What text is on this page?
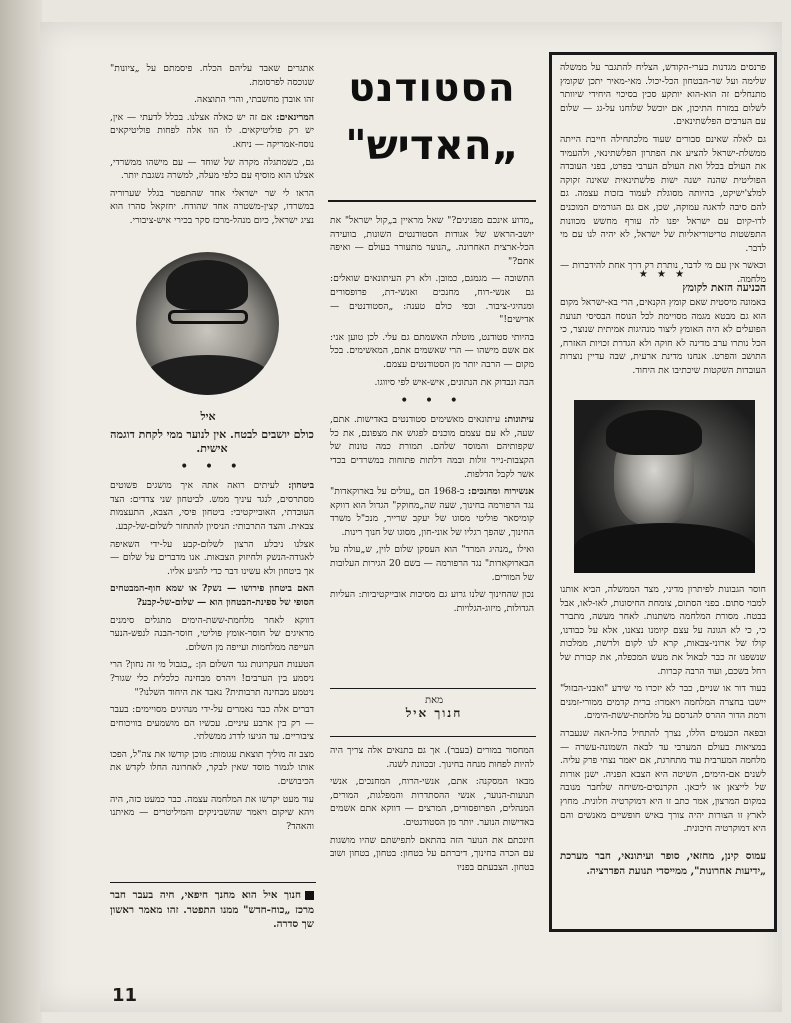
פרנסים מגדנות בערי-הקודש, הצליח להתגבר על ממשלה שלימה ועל שר-הבטחון הכל-יכול. מאי-מאיר יתכן שקומץ מתנחלים זה הוא-הוא יותקע סכין בסיכוי היחידי שיוותר לשלום במזרח התיכון, אם יוכשל שלוחנו על-גג — שלום עם הערבים הפלשתינאים.

גם לאלה שאינם סבורים שעוד מלכתחילה חייבת הייתה ממשלת-ישראל להציע את הפתרון הפלשתינאי, ולהעמיד את העולם בכלל ואת העולם הערבי בפרט, בפני העובדה הפוליטית שהנה ישנה ישות פלשתינאית שאינה זקוקה למלצ'ישיקט, בהיותה מסוגלת לעמוד בזכות עצמה. גם להם סיבה לדאגה עמוקה, שכן, אם גם הגורמים המוכנים לדו-קיום עם ישראל יפנו לה עורף מחשש מכוונות התפשטות טריטוריאליות של ישראל, לא יהיה לנו עם מי לדבר.

וכאשר אין עם מי לדבר, נותרת רק דרך אחת להידברות — מלחמה.

★ ★ ★
הכניעה הזאת לקומץ

באמונה מיסטית שאם קומץ הקנאים, הרי בא-ישראל מקום הוא גם מבטא מגמה מסויימת לכל הנוסח הבסיסי תנועת הפועלים לא היה האומץ ליצור מנהיגות אמיתית שנוצר, כי הכל נותרו ערב מדינה לא חוקה ולא הגדרת זכויות האזרח, התושב והפרט. אנחנו מדינת ארעית, שבה עדיין נוצרות העובדות השקטות שיכתיבו את היחוד.

חוסר הגבונות לפיתרון מדיני, מצד הממשלה, הביא אותנו למבוי סתום. בפני הסתום, צומחת החיסונות, לאו-לאו, אבל בבטח. מסורת המלחמה משתנות. לאחר מעשה, מתברר כי, כי לא הגונה על עצם קיומנו נצאנו, אלא על כבודנו, קולו של ארוני-צבאות, קרא לנו לקום ולרשת, ממלכות שנשפגו זה כבר לבאול את מעש המכפלה, את קבורת של רחל בשכם, ועוד הרבה קברות.

בעוד דור או שניים, כבר לא יזכרו מי שידע "ואבני-הבזול" יישבו בחצרה המלחמה ויאמרו: ברית קדמים ממורי-זמנים ורמת הדור ההרס להנרסם על מלחמת-ששת-הימים.

ובפאה הכעמים הללו, נצרך להתחיל בחל-האה שנעברה במציאות בעולם המערבי עד לבאה השמונה-עשרה — מלחמה המערבית עוד מתחרגת, אם יאמר נצחי פרק עליה. לשנים אם-הימים, השיטה היא הצבא הפניה. ישנן אורות של לייצאן או ליכאן. הקרנסים-משיחה שלחבר מנובה במקום המרצון, אמר כתב זו היא דמוקרטיה חלונית. מחוץ לארץ זו הצורות יהיה צורך באיש חופשיים מאנשים והם היא דמוקרטיה חיכונית.

עמוס קינן, מחזאי, סופר ועיתונאי, חבר מערכת „ידיעות אחרונות", ממייסדי תנועת הפדרציה.

הסטודנט
„האדיש"

„מדוע אינכם מפגינים?" שאל מראיין ב„קול ישראל" את יושב-הראש של אגודות הסטודנטים השונות, בוועידה הכל-ארצית האחרונה. „הנוער מתעורר בעולם — ואיפה אתם?"

התשובה — מגמגם, כמובן. ולא רק העיתונאים שואלים: גם אנשי-רוח, מחנכים ואנשי-דת, פרופסורים ומנהיגי-ציבור. ובפי כולם טענה: „הסטודנטים — אדישים!"

בהיותי סטודנט, מוטלת האשמתם גם עלי. לכן טוען אני: אם אשם מישהו — הרי שאשמים אתם, המאשימים. בכל מקום — הרבה יותר מן הסטודנטים עצמם.

הבה ונבדוק את הנתונים, איש-איש לפי סיווגו.

• • •

עיתונות: עיתונאים מאשימים סטודנטים באדישות. אתם, שעה, לא עם עצמם מוכנים לפגוש את מצפונם, את כל שקפותיהם והמוסד שלהם. תמורת כמה טונות של הקצבות-נייר זולות ובמה דלתות פתוחות במשרדים בכדי אשר לקבל הדלפות.

אנשירוח ומחנכים: ב-1968 הם „עולים על בארוקאדות" נגד הרפורמה בחינוך, שעה שה„מחוקק" הגדול הוא דווקא קומיסאר פוליטי מסוגו של יעקב שרייר, מנכ"ל משרד החינוך, שהפך רגליו של אוני-חון, מסוגו של חנוך רינות.

ואילו „מנהיג המרד" הוא העסקן שלום לוין, ש„עולה על הבארוקאדות" נגד הרפורמה — בשם 20 הגירות העלובות של המורים.

נכון שהחינוך שלנו גרוע גם מסיבות אובייקטיביות: העליות הגדולות, מיזוג-הגלויות.

מאת
חנוך איל

המחסור במורים (בעבר). אך גם בתנאים אלה צריך היה להיות לפחות מנחה בחינוך. ובכוונת לשנה.

מבאו המסקנה: אתם, אנשי-הרוח, המחנכים, אנשי תנועות-הנוער, אנשי ההסתדרות והמפלגות, המורים, המנהלים, הפרופסורים, המרצים — דווקא אתם אשמים באדישות הנוער. יותר מן הסטודנטים.

חינכתם את הנוער הזה בהתאם לתפישתם שהיו מושגות עם הכרה בחינוך, דיברתם על בטחון: בטחון, בטחון ושוב בטחון. הצבעתם בפניו

אתגרים שאבד עליהם הכלח. פיסמתם על „ציונות" שנוכסה לפרסומת.

זהו אובדן מחשבתי, והרי התוצאה.

המרינאים: אם זה יש כאלה אצלנו. בכלל לדעתי — אין, יש רק פוליטיקאים. לו הוו אלה לפחות פוליטיקאים נוסח-אמריקה — ניחא.

גם, כשמתגלה מקרה של שוחד — עם מישהו ממשרדי, אצלנו הוא מוסיף עם כלפי מעלה, למשרה נשגבת יותר.

הראו לי שר ישראלי אחד שהתפטר בגלל שערוריה במשרדו, קצין-משטרה אחד שהודח. יחזקאל סהרו הוא נציג ישראל, כיום מנהל-מרכז סקר בכירי איש-ציבורי.

איל

כולם יושבים לבטח. אין לנוער ממי לקחת דוגמה אישית.

• • •

ביטחון: לעיתים רואה אתה איך מושגים פשוטים מסתרסים, לנגד עיניך ממש. לביטחון שני צדדים: הצד העובדתי, האובייקטיבי: ביטחון פיסי, הצבא, התעצמות צבאית. והצד התרבותי: הניסיון להתחזר לשלום-של-קבע.

אצלנו ניבלע הרצון לשלום-קבע על-ידי השאיפה לאגודה-הנשק ולחיזוק הצבאות. אנו מדברים על שלום — אך ביטחון ולא עשינו דבר כדי להגיע אליו.

האם ביטחון פירושו — נשק? או שמא חוף-המבטחים הסופי של ספינת-הבטחון הוא — שלום-של-קבע?

דווקא לאחר מלחמת-ששת-הימים מתגלים סימנים מדאיגים של חוסר-אומץ פוליטי, חוסר-הבנה לנפש-הנער העייפה ממלחמות ועייפה מן השלום.

הטענות העקרונות נגד השלום הן: „בגבול מי זה נחון? הרי ניסמע בין הערבים! ויהרס מבחינה כלכלית כלי שגור? ניטמע מבחינה תרבותית? נאבד את היחוד השלנו?"

דברים אלה כבר נאמרים על-ידי מנהיגים מסויימים: בעבר — רק בין ארבע עיניים. עכשיו הם מושמעים בוויכוחים ציבוריים. עד הגיעו לדרג ממשלתי.

מצב זה מוליך תוצאת עגומות: מוכן קודשו את צה"ל, הפכו אותו לגמור מוסד שאין לבקר, לאחרונה החלו לקדש את הכיבושים.

עוד מעט יקדשו את המלחמה עצמה. כבר כמעט כזה, היה ויהא שיקום ויאמר שהשביניקים והמיליטרים — מאיתנו והאהד?

חנוך איל הוא מחנך חיפאי, חיה בעבר חבר מרכז „כוח-חדש" ממנו התפטר. זהו מאמר ראשון שך סדרה.

11
